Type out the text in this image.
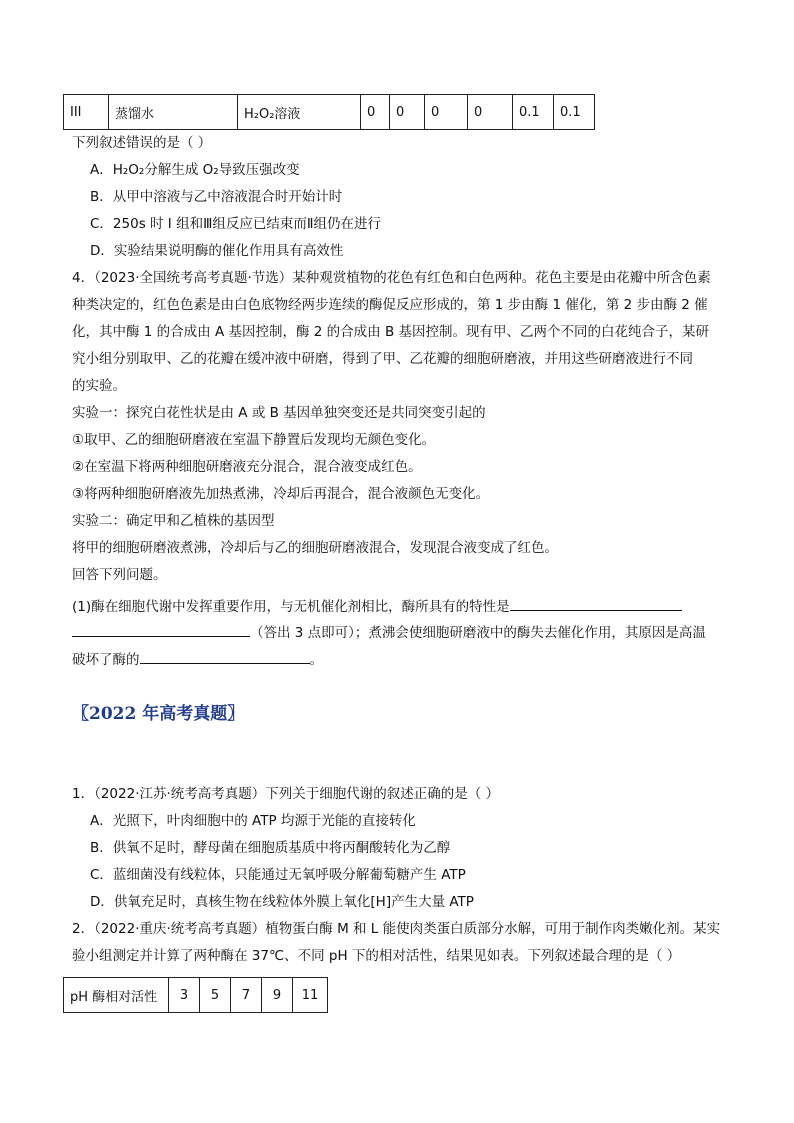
III	蒸馏水	H₂O₂溶液	0	0	0	0	0.1	0.1
下列叙述错误的是（ ）
A．H₂O₂分解生成 O₂导致压强改变
B．从甲中溶液与乙中溶液混合时开始计时
C．250s 时 I 组和Ⅲ组反应已结束而Ⅱ组仍在进行
D．实验结果说明酶的催化作用具有高效性
4．（2023·全国统考高考真题·节选）某种观赏植物的花色有红色和白色两种。花色主要是由花瓣中所含色素
种类决定的，红色色素是由白色底物经两步连续的酶促反应形成的，第 1 步由酶 1 催化，第 2 步由酶 2 催
化，其中酶 1 的合成由 A 基因控制，酶 2 的合成由 B 基因控制。现有甲、乙两个不同的白花纯合子，某研
究小组分别取甲、乙的花瓣在缓冲液中研磨，得到了甲、乙花瓣的细胞研磨液，并用这些研磨液进行不同
的实验。
实验一：探究白花性状是由 A 或 B 基因单独突变还是共同突变引起的
①取甲、乙的细胞研磨液在室温下静置后发现均无颜色变化。
②在室温下将两种细胞研磨液充分混合，混合液变成红色。
③将两种细胞研磨液先加热煮沸，冷却后再混合，混合液颜色无变化。
实验二：确定甲和乙植株的基因型
将甲的细胞研磨液煮沸，冷却后与乙的细胞研磨液混合，发现混合液变成了红色。
回答下列问题。
(1)酶在细胞代谢中发挥重要作用，与无机催化剂相比，酶所具有的特性是
（答出 3 点即可）；煮沸会使细胞研磨液中的酶失去催化作用，其原因是高温
破坏了酶的	。
〖2022 年高考真题〗
1．（2022·江苏·统考高考真题）下列关于细胞代谢的叙述正确的是（ ）
A．光照下，叶肉细胞中的 ATP 均源于光能的直接转化
B．供氧不足时，酵母菌在细胞质基质中将丙酮酸转化为乙醇
C．蓝细菌没有线粒体，只能通过无氧呼吸分解葡萄糖产生 ATP
D．供氧充足时，真核生物在线粒体外膜上氧化[H]产生大量 ATP
2．（2022·重庆·统考高考真题）植物蛋白酶 M 和 L 能使肉类蛋白质部分水解，可用于制作肉类嫩化剂。某实
验小组测定并计算了两种酶在 37℃、不同 pH 下的相对活性，结果见如表。下列叙述最合理的是（ ）
pH 酶相对活性	3	5	7	9	11
